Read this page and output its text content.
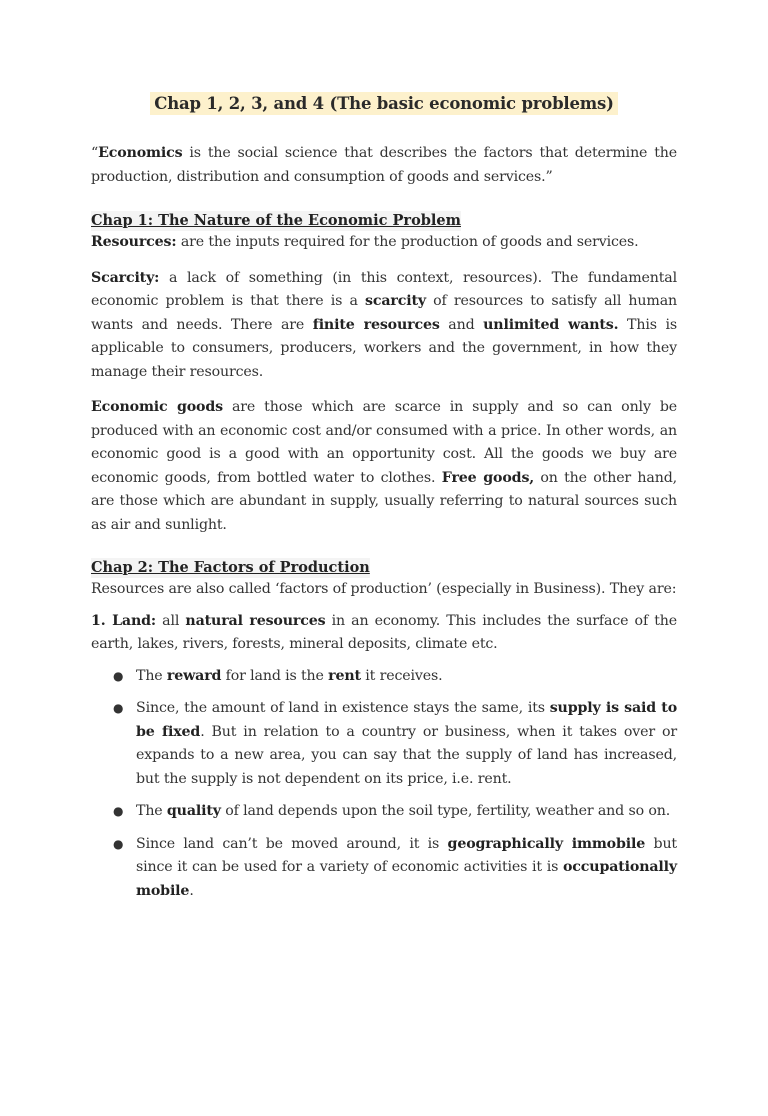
Chap 1, 2, 3, and 4 (The basic economic problems)

“Economics is the social science that describes the factors that determine the production, distribution and consumption of goods and services.”

Chap 1: The Nature of the Economic Problem

Resources: are the inputs required for the production of goods and services.

Scarcity: a lack of something (in this context, resources). The fundamental economic problem is that there is a scarcity of resources to satisfy all human wants and needs. There are finite resources and unlimited wants. This is applicable to consumers, producers, workers and the government, in how they manage their resources.

Economic goods are those which are scarce in supply and so can only be produced with an economic cost and/or consumed with a price. In other words, an economic good is a good with an opportunity cost. All the goods we buy are economic goods, from bottled water to clothes. Free goods, on the other hand, are those which are abundant in supply, usually referring to natural sources such as air and sunlight.

Chap 2: The Factors of Production

Resources are also called ‘factors of production’ (especially in Business). They are:

1. Land: all natural resources in an economy. This includes the surface of the earth, lakes, rivers, forests, mineral deposits, climate etc.

● The reward for land is the rent it receives.

● Since, the amount of land in existence stays the same, its supply is said to be fixed. But in relation to a country or business, when it takes over or expands to a new area, you can say that the supply of land has increased, but the supply is not dependent on its price, i.e. rent.

● The quality of land depends upon the soil type, fertility, weather and so on.

● Since land can’t be moved around, it is geographically immobile but since it can be used for a variety of economic activities it is occupationally mobile.
